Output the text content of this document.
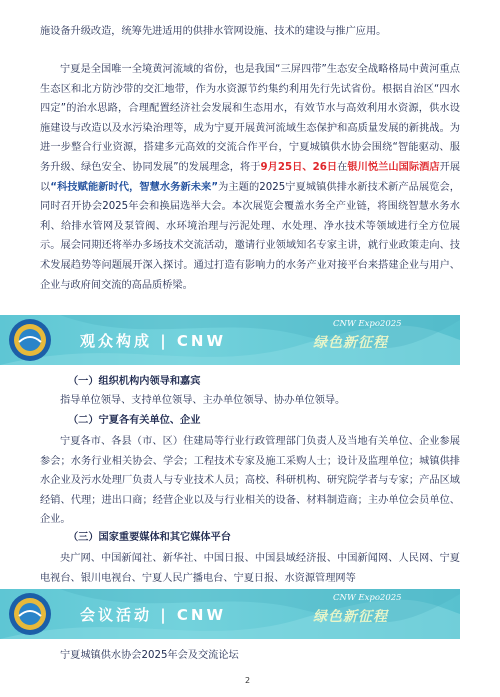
施设备升级改造，统筹先进适用的供排水管网设施、技术的建设与推广应用。

宁夏是全国唯一全境黄河流域的省份，也是我国“三屏四带”生态安全战略格局中黄河重点生态区和北方防沙带的交汇地带，作为水资源节约集约利用先行先试省份。根据自治区“四水四定”的治水思路，合理配置经济社会发展和生态用水，有效节水与高效利用水资源，供水设施建设与改造以及水污染治理等，成为宁夏开展黄河流域生态保护和高质量发展的新挑战。为进一步整合行业资源，搭建多元高效的交流合作平台，宁夏城镇供水协会围绕“智能驱动、服务升级、绿色安全、协同发展”的发展理念，将于9月25日、26日在银川悦兰山国际酒店开展以“科技赋能新时代，智慧水务新未来”为主题的2025宁夏城镇供排水新技术新产品展览会，同时召开协会2025年会和换届选举大会。本次展览会覆盖水务全产业链，将围绕智慧水务水利、给排水管网及泵管阀、水环境治理与污泥处理、水处理、净水技术等领域进行全方位展示。展会同期还将举办多场技术交流活动，邀请行业领域知名专家主讲，就行业政策走向、技术发展趋势等问题展开深入探讨。通过打造有影响力的水务产业对接平台来搭建企业与用户、企业与政府间交流的高品质桥梁。

观众构成 | CNW
CNW Expo2025
绿色新征程

（一）组织机构内领导和嘉宾

指导单位领导、支持单位领导、主办单位领导、协办单位领导。

（二）宁夏各有关单位、企业

宁夏各市、各县（市、区）住建局等行业行政管理部门负责人及当地有关单位、企业参展参会；水务行业相关协会、学会；工程技术专家及施工采购人士；设计及监理单位；城镇供排水企业及污水处理厂负责人与专业技术人员；高校、科研机构、研究院学者与专家；产品区域经销、代理；进出口商；经营企业以及与行业相关的设备、材料制造商；主办单位会员单位、企业。

（三）国家重要媒体和其它媒体平台

央广网、中国新闻社、新华社、中国日报、中国县域经济报、中国新闻网、人民网、宁夏电视台、银川电视台、宁夏人民广播电台、宁夏日报、水资源管理网等

会议活动 | CNW
CNW Expo2025
绿色新征程

宁夏城镇供水协会2025年会及交流论坛

2
